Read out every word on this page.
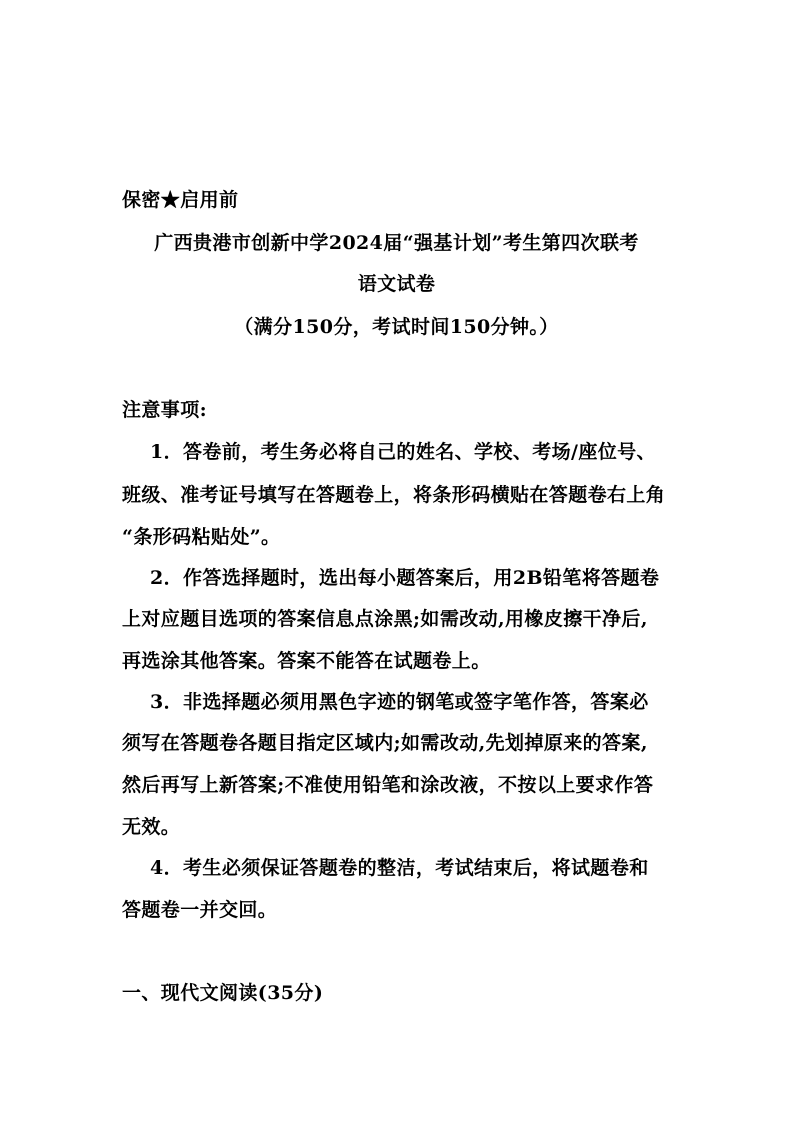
保密★启用前
广西贵港市创新中学2024届“强基计划”考生第四次联考
语文试卷
（满分150分，考试时间150分钟。）
注意事项:
1．答卷前，考生务必将自己的姓名、学校、考场/座位号、
班级、准考证号填写在答题卷上，将条形码横贴在答题卷右上角
“条形码粘贴处”。
2．作答选择题时，选出每小题答案后，用2B铅笔将答题卷
上对应题目选项的答案信息点涂黑;如需改动,用橡皮擦干净后,
再选涂其他答案。答案不能答在试题卷上。
3．非选择题必须用黑色字迹的钢笔或签字笔作答，答案必
须写在答题卷各题目指定区域内;如需改动,先划掉原来的答案,
然后再写上新答案;不准使用铅笔和涂改液，不按以上要求作答
无效。
4．考生必须保证答题卷的整洁，考试结束后，将试题卷和
答题卷一并交回。
一、现代文阅读(35分)
